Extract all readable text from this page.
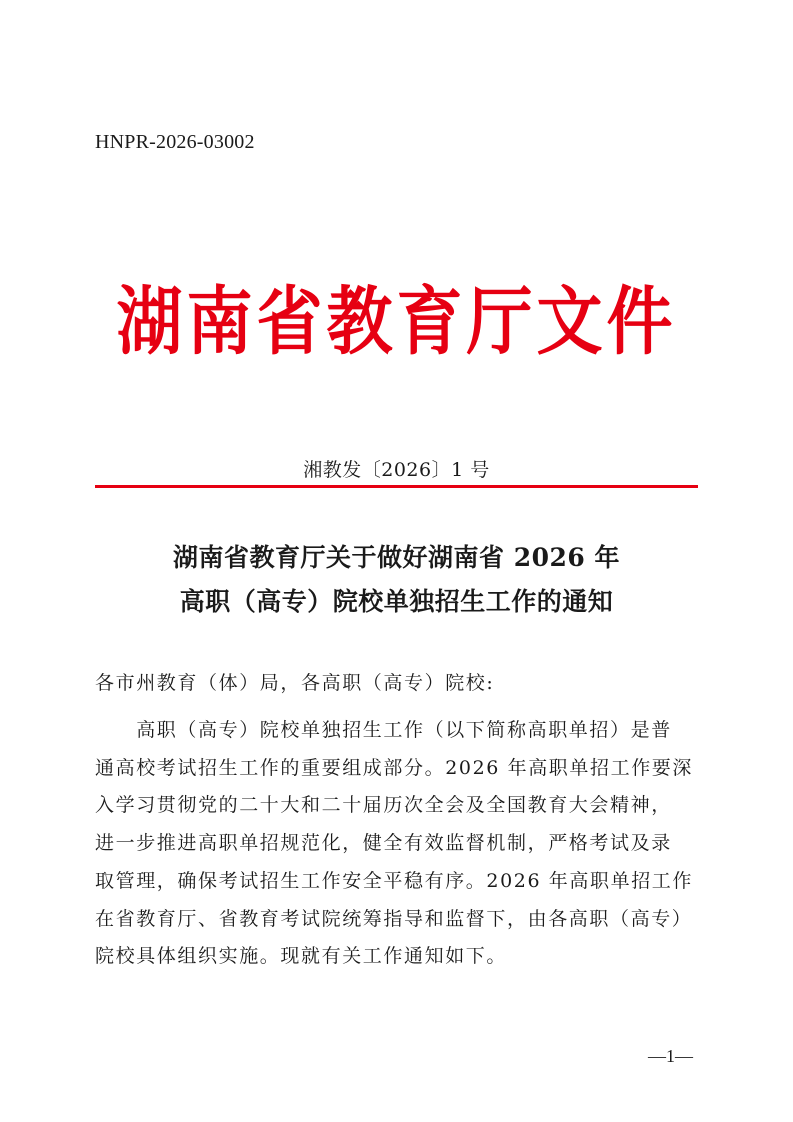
HNPR-2026-03002
湖南省教育厅文件
湘教发〔2026〕1 号
湖南省教育厅关于做好湖南省 2026 年
高职（高专）院校单独招生工作的通知
各市州教育（体）局，各高职（高专）院校:
　　高职（高专）院校单独招生工作（以下简称高职单招）是普
通高校考试招生工作的重要组成部分。2026 年高职单招工作要深
入学习贯彻党的二十大和二十届历次全会及全国教育大会精神，
进一步推进高职单招规范化，健全有效监督机制，严格考试及录
取管理，确保考试招生工作安全平稳有序。2026 年高职单招工作
在省教育厅、省教育考试院统筹指导和监督下，由各高职（高专）
院校具体组织实施。现就有关工作通知如下。
—1—
